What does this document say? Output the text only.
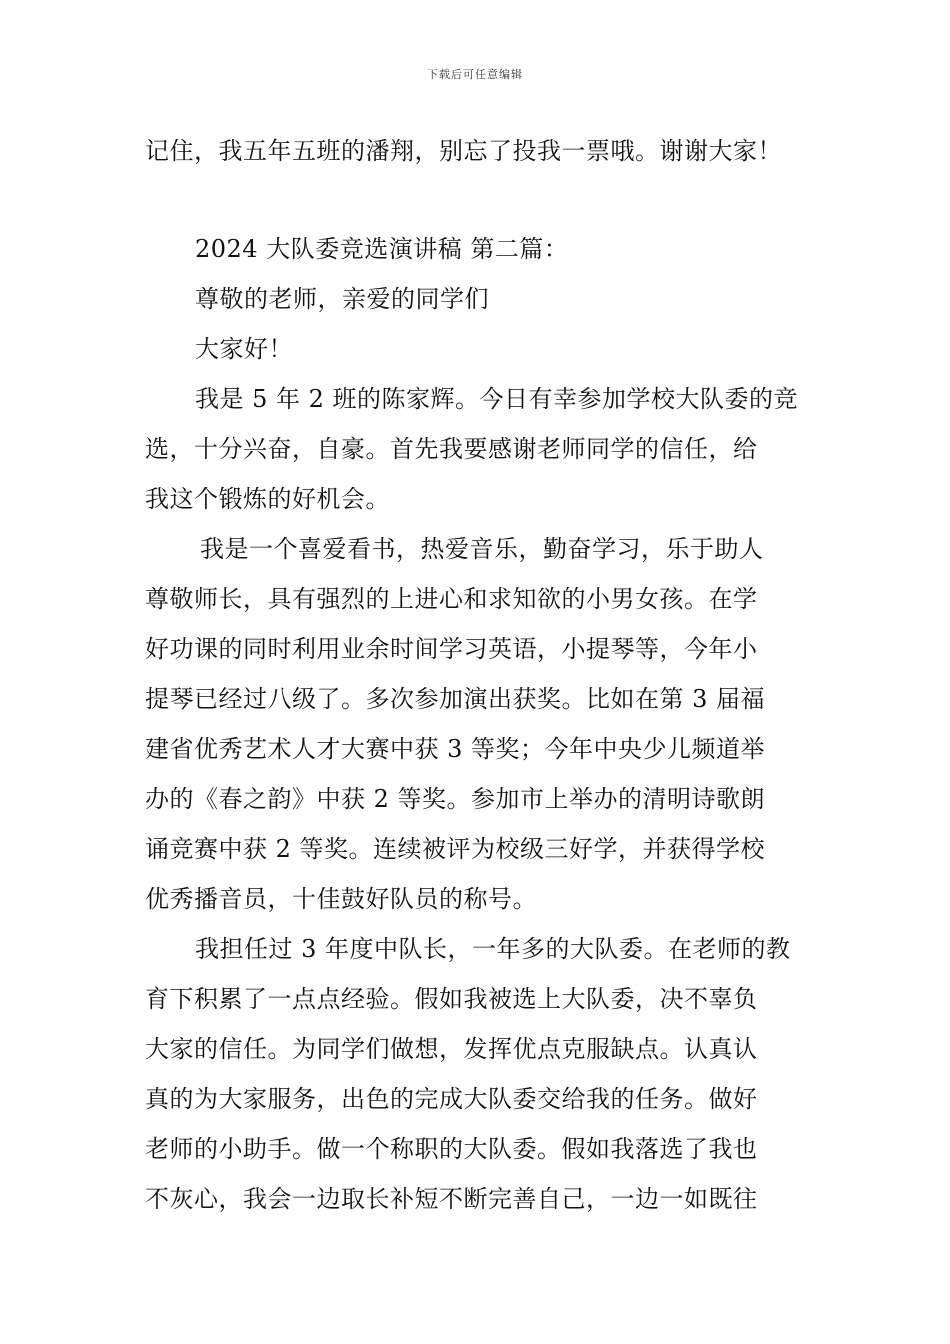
下载后可任意编辑
记住，我五年五班的潘翔，别忘了投我一票哦。谢谢大家！
2024 大队委竞选演讲稿 第二篇：
尊敬的老师，亲爱的同学们
大家好！
我是 5 年 2 班的陈家辉。今日有幸参加学校大队委的竞
选，十分兴奋，自豪。首先我要感谢老师同学的信任，给
我这个锻炼的好机会。
我是一个喜爱看书，热爱音乐，勤奋学习，乐于助人
尊敬师长，具有强烈的上进心和求知欲的小男女孩。在学
好功课的同时利用业余时间学习英语，小提琴等，今年小
提琴已经过八级了。多次参加演出获奖。比如在第 3 届福
建省优秀艺术人才大赛中获 3 等奖；今年中央少儿频道举
办的《春之韵》中获 2 等奖。参加市上举办的清明诗歌朗
诵竞赛中获 2 等奖。连续被评为校级三好学，并获得学校
优秀播音员，十佳鼓好队员的称号。
我担任过 3 年度中队长，一年多的大队委。在老师的教
育下积累了一点点经验。假如我被选上大队委，决不辜负
大家的信任。为同学们做想，发挥优点克服缺点。认真认
真的为大家服务，出色的完成大队委交给我的任务。做好
老师的小助手。做一个称职的大队委。假如我落选了我也
不灰心，我会一边取长补短不断完善自己，一边一如既往
